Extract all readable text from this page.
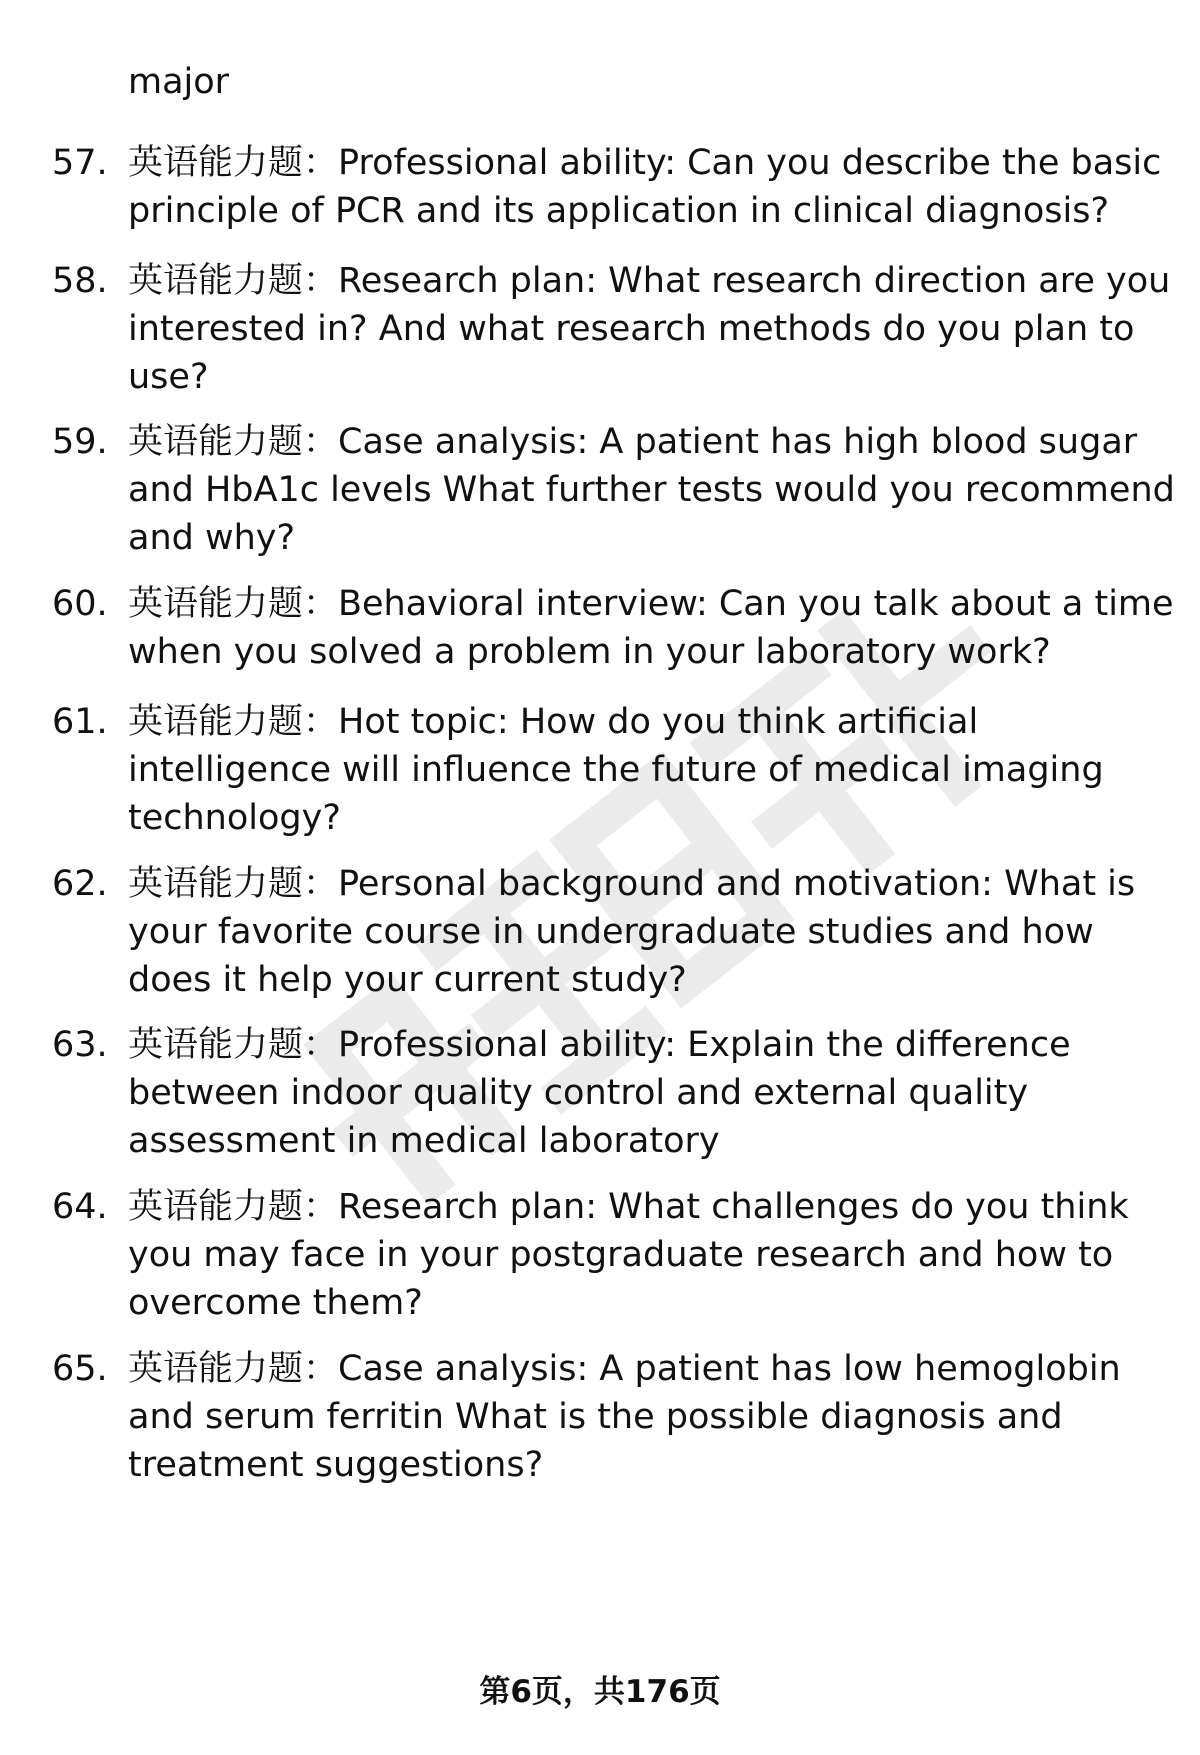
major
57. 英语能力题：Professional ability: Can you describe the basic
principle of PCR and its application in clinical diagnosis?
58. 英语能力题：Research plan: What research direction are you
interested in? And what research methods do you plan to
use?
59. 英语能力题：Case analysis: A patient has high blood sugar
and HbA1c levels What further tests would you recommend
and why?
60. 英语能力题：Behavioral interview: Can you talk about a time
when you solved a problem in your laboratory work?
61. 英语能力题：Hot topic: How do you think artificial
intelligence will influence the future of medical imaging
technology?
62. 英语能力题：Personal background and motivation: What is
your favorite course in undergraduate studies and how
does it help your current study?
63. 英语能力题：Professional ability: Explain the difference
between indoor quality control and external quality
assessment in medical laboratory
64. 英语能力题：Research plan: What challenges do you think
you may face in your postgraduate research and how to
overcome them?
65. 英语能力题：Case analysis: A patient has low hemoglobin
and serum ferritin What is the possible diagnosis and
treatment suggestions?
第6页，共176页
